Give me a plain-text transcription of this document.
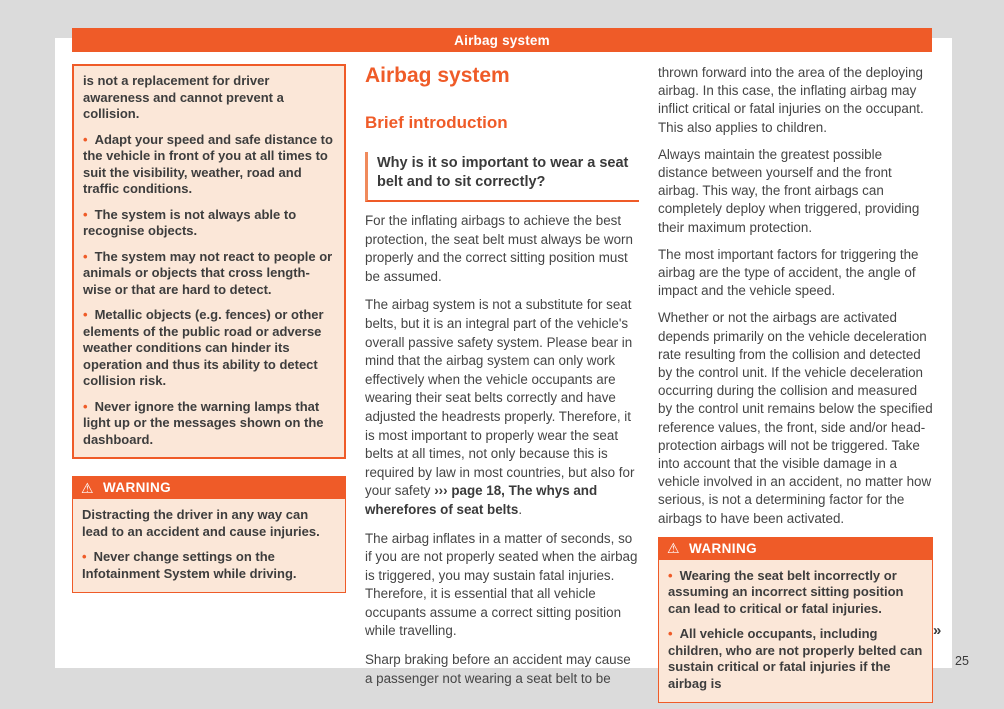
Airbag system

is not a replacement for driver awareness and cannot prevent a collision.

• Adapt your speed and safe distance to the vehicle in front of you at all times to suit the visibility, weather, road and traffic conditions.

• The system is not always able to recognise objects.

• The system may not react to people or animals or objects that cross length-wise or that are hard to detect.

• Metallic objects (e.g. fences) or other elements of the public road or adverse weather conditions can hinder its operation and thus its ability to detect collision risk.

• Never ignore the warning lamps that light up or the messages shown on the dashboard.

⚠ WARNING

Distracting the driver in any way can lead to an accident and cause injuries.

• Never change settings on the Infotainment System while driving.

Airbag system
Brief introduction
Why is it so important to wear a seat belt and to sit correctly?

For the inflating airbags to achieve the best protection, the seat belt must always be worn properly and the correct sitting position must be assumed.

The airbag system is not a substitute for seat belts, but it is an integral part of the vehicle's overall passive safety system. Please bear in mind that the airbag system can only work effectively when the vehicle occupants are wearing their seat belts correctly and have adjusted the headrests properly. Therefore, it is most important to properly wear the seat belts at all times, not only because this is required by law in most countries, but also for your safety ››› page 18, The whys and wherefores of seat belts.

The airbag inflates in a matter of seconds, so if you are not properly seated when the airbag is triggered, you may sustain fatal injuries. Therefore, it is essential that all vehicle occupants assume a correct sitting position while travelling.

Sharp braking before an accident may cause a passenger not wearing a seat belt to be

thrown forward into the area of the deploying airbag. In this case, the inflating airbag may inflict critical or fatal injuries on the occupant. This also applies to children.

Always maintain the greatest possible distance between yourself and the front airbag. This way, the front airbags can completely deploy when triggered, providing their maximum protection.

The most important factors for triggering the airbag are the type of accident, the angle of impact and the vehicle speed.

Whether or not the airbags are activated depends primarily on the vehicle deceleration rate resulting from the collision and detected by the control unit. If the vehicle deceleration occurring during the collision and measured by the control unit remains below the specified reference values, the front, side and/or head-protection airbags will not be triggered. Take into account that the visible damage in a vehicle involved in an accident, no matter how serious, is not a determining factor for the airbags to have been activated.

⚠ WARNING

• Wearing the seat belt incorrectly or assuming an incorrect sitting position can lead to critical or fatal injuries.

• All vehicle occupants, including children, who are not properly belted can sustain critical or fatal injuries if the airbag is

»
25
